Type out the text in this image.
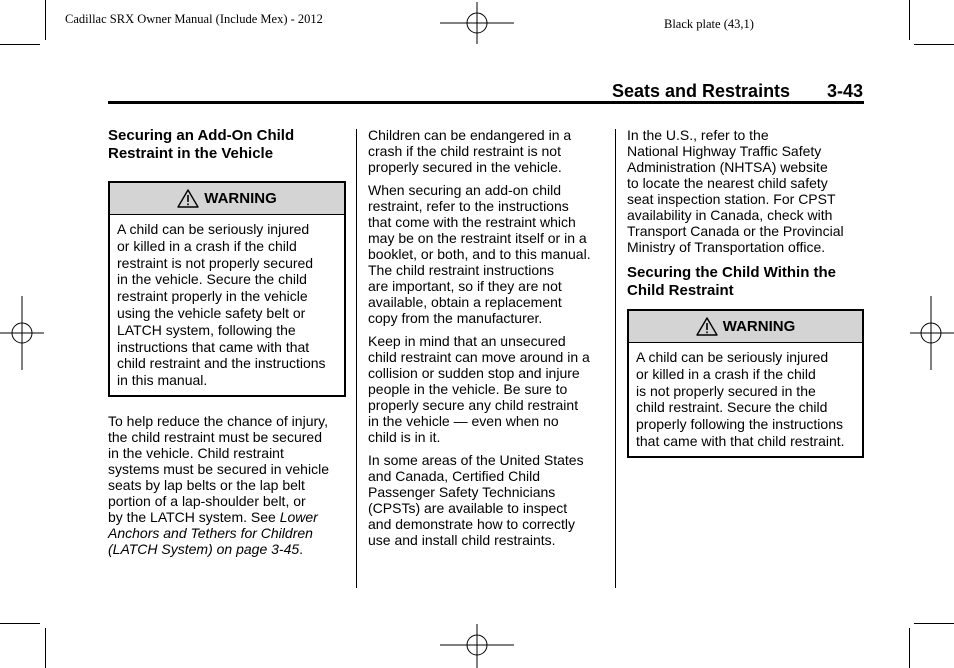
Cadillac SRX Owner Manual (Include Mex) - 2012	Black plate (43,1)
Seats and Restraints 3-43
Securing an Add-On Child
Restraint in the Vehicle
WARNING
A child can be seriously injured
or killed in a crash if the child
restraint is not properly secured
in the vehicle. Secure the child
restraint properly in the vehicle
using the vehicle safety belt or
LATCH system, following the
instructions that came with that
child restraint and the instructions
in this manual.
To help reduce the chance of injury,
the child restraint must be secured
in the vehicle. Child restraint
systems must be secured in vehicle
seats by lap belts or the lap belt
portion of a lap-shoulder belt, or
by the LATCH system. See Lower
Anchors and Tethers for Children
(LATCH System) on page 3-45.
Children can be endangered in a
crash if the child restraint is not
properly secured in the vehicle.
When securing an add-on child
restraint, refer to the instructions
that come with the restraint which
may be on the restraint itself or in a
booklet, or both, and to this manual.
The child restraint instructions
are important, so if they are not
available, obtain a replacement
copy from the manufacturer.
Keep in mind that an unsecured
child restraint can move around in a
collision or sudden stop and injure
people in the vehicle. Be sure to
properly secure any child restraint
in the vehicle — even when no
child is in it.
In some areas of the United States
and Canada, Certified Child
Passenger Safety Technicians
(CPSTs) are available to inspect
and demonstrate how to correctly
use and install child restraints.
In the U.S., refer to the
National Highway Traffic Safety
Administration (NHTSA) website
to locate the nearest child safety
seat inspection station. For CPST
availability in Canada, check with
Transport Canada or the Provincial
Ministry of Transportation office.
Securing the Child Within the
Child Restraint
WARNING
A child can be seriously injured
or killed in a crash if the child
is not properly secured in the
child restraint. Secure the child
properly following the instructions
that came with that child restraint.
